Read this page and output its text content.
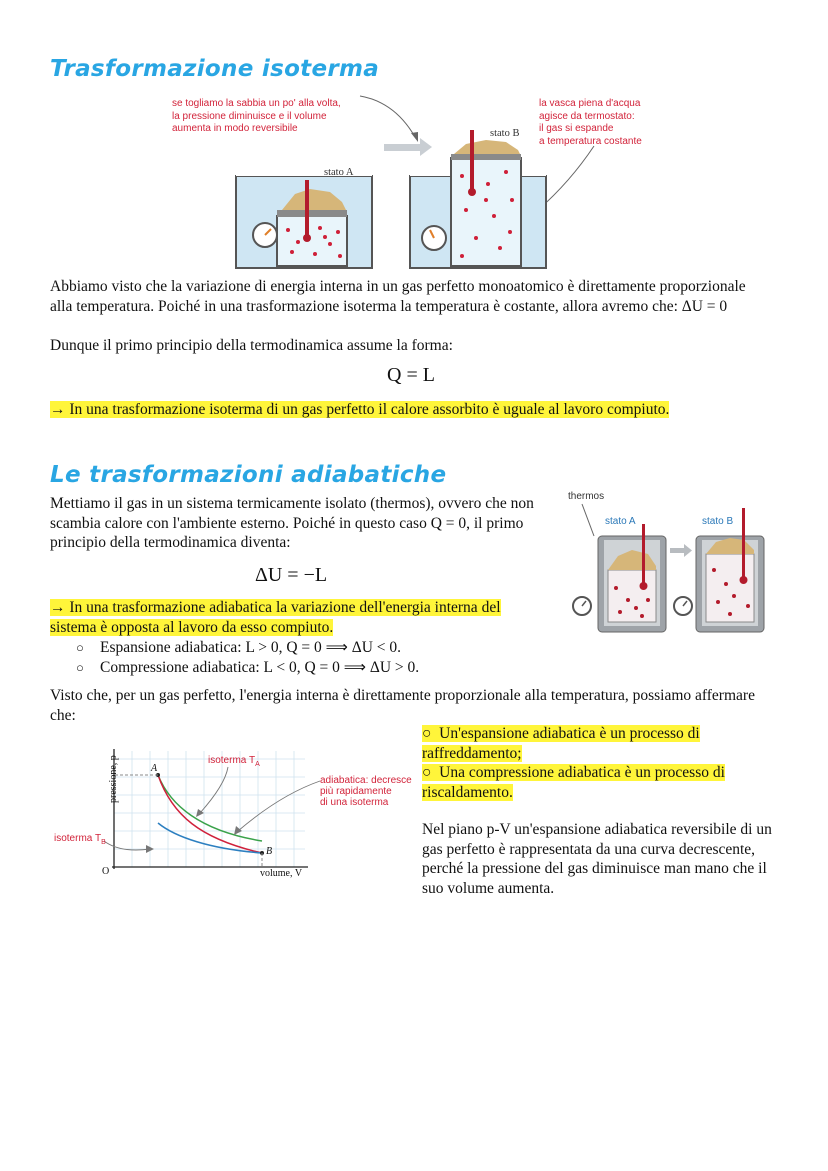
Trasformazione isoterma
se togliamo la sabbia un po' alla volta,
la pressione diminuisce e il volume
aumenta in modo reversibile
la vasca piena d'acqua
agisce da termostato:
il gas si espande
a temperatura costante
stato A
stato B
Abbiamo visto che la variazione di energia interna in un gas perfetto monoatomico è direttamente proporzionale alla temperatura. Poiché in una trasformazione isoterma la temperatura è costante, allora avremo che: ΔU = 0
Dunque il primo principio della termodinamica assume la forma:
Q = L
→ In una trasformazione isoterma di un gas perfetto il calore assorbito è uguale al lavoro compiuto.
Le trasformazioni adiabatiche
Mettiamo il gas in un sistema termicamente isolato (thermos), ovvero che non scambia calore con l'ambiente esterno. Poiché in questo caso Q = 0, il primo principio della termodinamica diventa:
ΔU = −L
→ In una trasformazione adiabatica la variazione dell'energia interna del sistema è opposta al lavoro da esso compiuto.
○ Espansione adiabatica: L > 0, Q = 0 ⟹ ΔU < 0.
○ Compressione adiabatica: L < 0, Q = 0 ⟹ ΔU > 0.
thermos
stato A	stato B
Visto che, per un gas perfetto, l'energia interna è direttamente proporzionale alla temperatura, possiamo affermare che:
pressione, p
volume, V
O
A
B
isoterma $T_A$
isoterma $T_B$
adiabatica: decresce
più rapidamente
di una isoterma
○  Un'espansione adiabatica è un processo di raffreddamento;
○  Una compressione adiabatica è un processo di riscaldamento.
Nel piano p-V un'espansione adiabatica reversibile di un gas perfetto è rappresentata da una curva decrescente, perché la pressione del gas diminuisce man mano che il suo volume aumenta.
